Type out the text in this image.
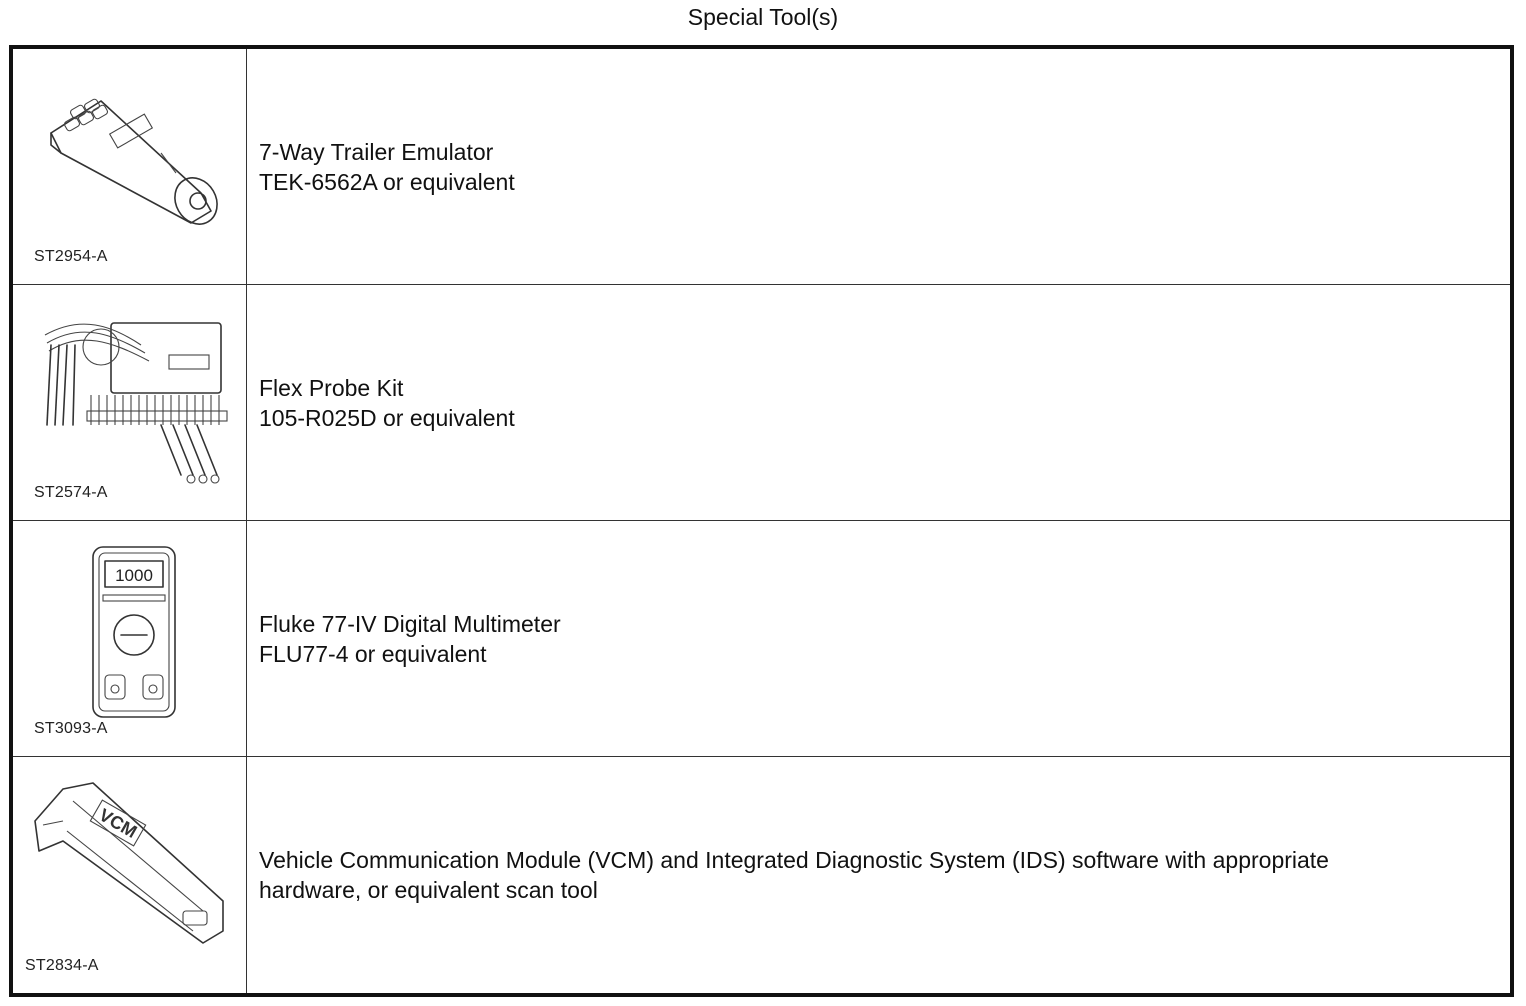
Special Tool(s)
ST2954-A
7-Way Trailer Emulator
TEK-6562A or equivalent
ST2574-A
Flex Probe Kit
105-R025D or equivalent
1000
ST3093-A
Fluke 77-IV Digital Multimeter
FLU77-4 or equivalent
VCM
ST2834-A
Vehicle Communication Module (VCM) and Integrated Diagnostic System (IDS) software with appropriate
hardware, or equivalent scan tool
